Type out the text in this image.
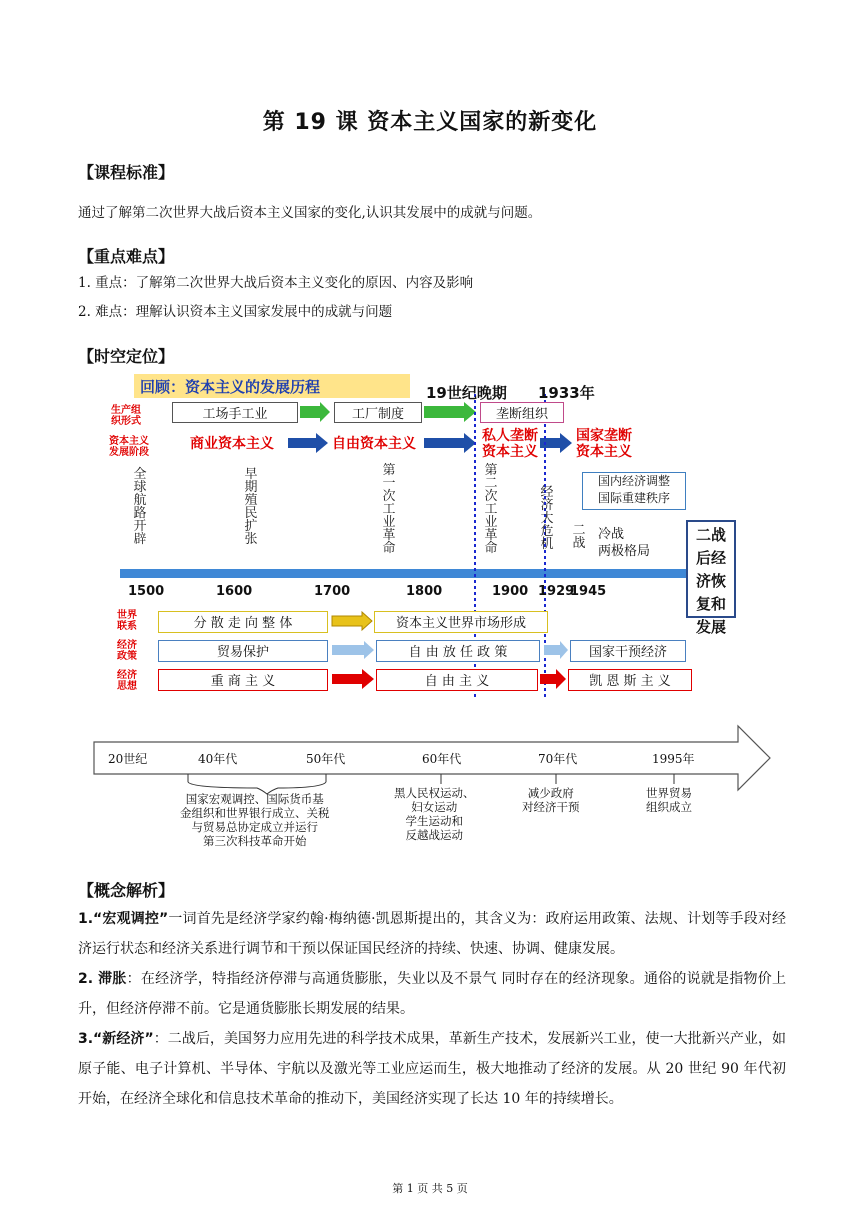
第 19 课 资本主义国家的新变化
【课程标准】
通过了解第二次世界大战后资本主义国家的变化,认识其发展中的成就与问题。
【重点难点】
1. 重点：了解第二次世界大战后资本主义变化的原因、内容及影响
2. 难点：理解认识资本主义国家发展中的成就与问题
【时空定位】
回顾：资本主义的发展历程	19世纪晚期 1933年
生产组
织形式
资本主义
发展阶段
工场手工业	工厂制度	垄断组织
商业资本主义	自由资本主义	私人垄断
资本主义
国家垄断
资本主义
全球航路开辟
早期殖民扩张
第一次工业革命
第二次工业革命
经济大危机
二战
冷战
两极格局
国内经济调整
国际重建秩序
二战后经济恢复和发展
1500	1600	1700	1800	1900 1929
1945
世界
联系
经济
政策
经济
思想
分 散 走 向 整 体	资本主义世界市场形成
贸易保护	自 由 放 任 政 策	国家干预经济
重 商 主 义	自 由 主 义	凯 恩 斯 主 义
20世纪	40年代	50年代	60年代	70年代	1995年
国家宏观调控、国际货币基
金组织和世界银行成立、关税
与贸易总协定成立并运行
第三次科技革命开始
黑人民权运动、
妇女运动
学生运动和
反越战运动
减少政府
对经济干预
世界贸易
组织成立
【概念解析】
1.“宏观调控”一词首先是经济学家约翰·梅纳德·凯恩斯提出的，其含义为：政府运用政策、法规、计划等手段对经济运行状态和经济关系进行调节和干预以保证国民经济的持续、快速、协调、健康发展。
2. 滞胀：在经济学，特指经济停滞与高通货膨胀，失业以及不景气 同时存在的经济现象。通俗的说就是指物价上升，但经济停滞不前。它是通货膨胀长期发展的结果。
3.“新经济”：二战后，美国努力应用先进的科学技术成果，革新生产技术，发展新兴工业，使一大批新兴产业，如原子能、电子计算机、半导体、宇航以及激光等工业应运而生，极大地推动了经济的发展。从 20 世纪 90 年代初开始，在经济全球化和信息技术革命的推动下，美国经济实现了长达 10 年的持续增长。
第 1 页 共 5 页
